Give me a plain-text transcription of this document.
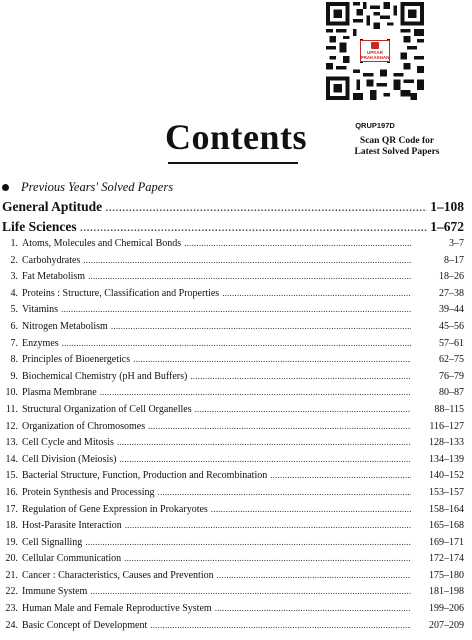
UPKAR
PRAKASHAN
QRUP197D
Scan QR Code for
Latest Solved Papers
Contents
Previous Years' Solved Papers
General Aptitude .....	1–108
Life Sciences .....	1–672
1. Atoms, Molecules and Chemical Bonds .....	3–7
2. Carbohydrates .....	8–17
3. Fat Metabolism .....	18–26
4. Proteins : Structure, Classification and Properties .....	27–38
5. Vitamins .....	39–44
6. Nitrogen Metabolism .....	45–56
7. Enzymes .....	57–61
8. Principles of Bioenergetics .....	62–75
9. Biochemical Chemistry (pH and Buffers) .....	76–79
10. Plasma Membrane .....	80–87
11. Structural Organization of Cell Organelles .....	88–115
12. Organization of Chromosomes .....	116–127
13. Cell Cycle and Mitosis .....	128–133
14. Cell Division (Meiosis) .....	134–139
15. Bacterial Structure, Function, Production and Recombination .....	140–152
16. Protein Synthesis and Processing .....	153–157
17. Regulation of Gene Expression in Prokaryotes .....	158–164
18. Host-Parasite Interaction .....	165–168
19. Cell Signalling .....	169–171
20. Cellular Communication .....	172–174
21. Cancer : Characteristics, Causes and Prevention .....	175–180
22. Immune System .....	181–198
23. Human Male and Female Reproductive System .....	199–206
24. Basic Concept of Development .....	207–209
